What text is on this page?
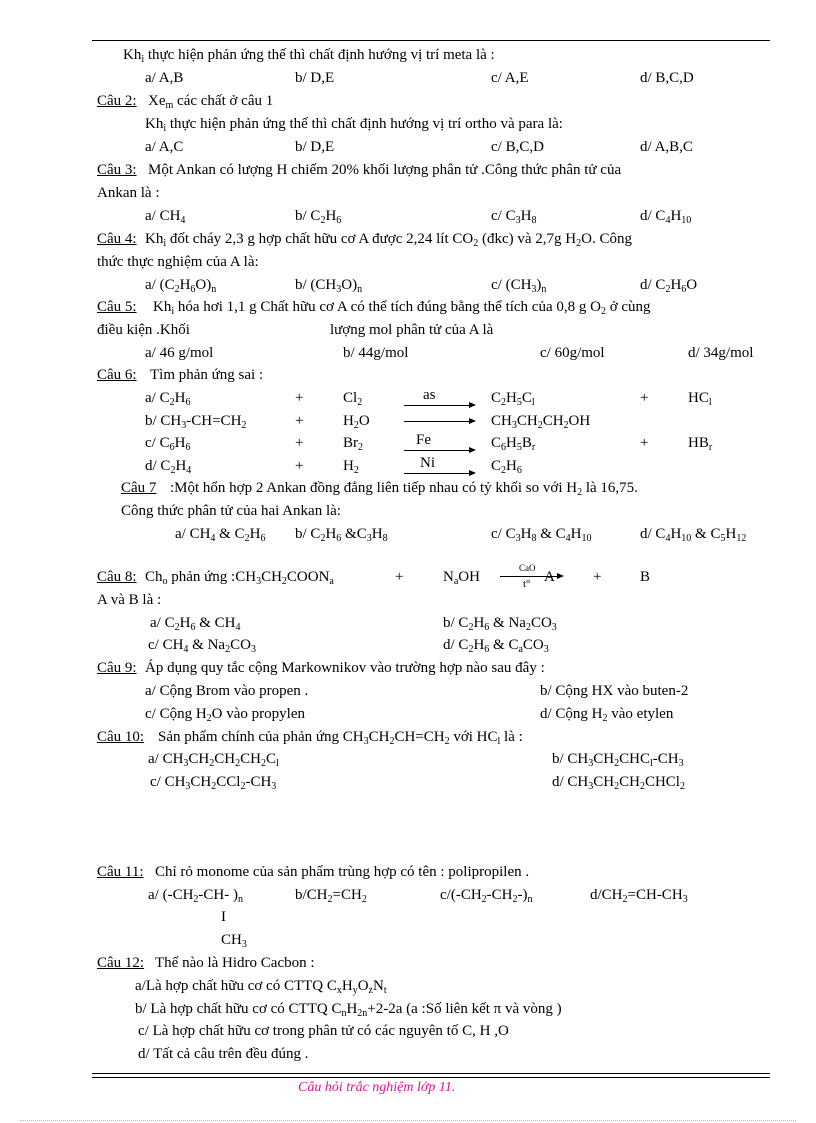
$Kh_i$ thực hiện phản ứng thế thì chất định hướng vị trí meta là :
a/ A,B	b/ D,E	c/ A,E	d/ B,C,D
Câu 2: $Xe_m$ các chất ở câu 1
$Kh_i$ thực hiện phản ứng thế thì chất định hướng vị trí ortho và para là:
a/ A,C	b/ D,E	c/ B,C,D	d/ A,B,C
Câu 3: Một Ankan có lượng H chiếm 20% khối lượng phân tử .Công thức phân tử của
Ankan là :
a/ $CH_4$	b/ $C_2H_6$	c/ $C_3H_8$	d/ $C_4H_{10}$
Câu 4: $Kh_i$ đốt cháy 2,3 g hợp chất hữu cơ A được 2,24 lít $CO_2$ (đkc) và 2,7g $H_2O$. Công
thức thực nghiệm của A là:
a/ $(C_2H_6O)_n$	b/ $(CH_3O)_n$	c/ $(CH_3)_n$	d/ $C_2H_6O$
Câu 5: $Kh_i$ hóa hơi 1,1 g Chất hữu cơ A có thể tích đúng bằng thể tích của 0,8 g $O_2$ ở cùng
điều kiện .Khối	lượng mol phân tử của A là
a/ 46 g/mol	b/ 44g/mol	c/ 60g/mol	d/ 34g/mol
Câu 6: Tìm phản ứng sai :
a/ $C_2H_6$	+	$Cl_2$	as	$C_2H_5C_l$	+	$HC_l$
b/ $CH_3-CH=CH_2$	+	$H_2O$	$CH_3CH_2CH_2OH$
c/ $C_6H_6$	+	$Br_2$	Fe	$C_6H_5B_r$	+	$HB_r$
d/ $C_2H_4$	+	$H_2$	Ni	$C_2H_6$
Câu 7 :Một hổn hợp 2 Ankan đồng đẳng liên tiếp nhau có tỷ khối so với $H_2$ là 16,75.
Công thức phân tử của hai Ankan là:
a/ $CH_4$ & $C_2H_6$ b/ $C_2H_6$ $\&C_3H_8$	c/ $C_3H_8$ & $C_4H_{10}$	d/ $C_4H_{10}$ & $C_5H_{12}$
Câu 8: $Ch_o$ phản ứng $:CH_3CH_2COON_a$	+	$N_aOH$
CaO
t° A	+	B
A và B là :
a/ $C_2H_6$ & $CH_4$	b/ $C_2H_6$ & $Na_2CO_3$
c/ $CH_4$ & $Na_2CO_3$	d/ $C_2H_6$ & $C_aCO_3$
Câu 9: Áp dụng quy tắc cộng Markownikov vào trường hợp nào sau đây :
a/ Cộng Brom vào propen .	b/ Cộng HX vào buten-2
c/ Cộng $H_2O$ vào propylen	d/ Cộng $H_2$ vào etylen
Câu 10: Sản phẩm chính của phản ứng $CH_3CH_2CH=CH_2$ với $HC_l$ là :
a/ $CH_3CH_2CH_2CH_2C_l$	b/ $CH_3CH_2CHC_l-CH_3$
c/ $CH_3CH_2CCl_2-CH_3$	d/ $CH_3CH_2CH_2CHCl_2$
Câu 11: Chỉ rỏ monome của sản phẩm trùng hợp có tên : polipropilen .
a/ ($-CH_2-CH-$ )$_n$	$b/CH_2=CH_2$	$c/(-CH_2-CH_2-)_n$	$d/CH_2=CH-CH_3$
I
$CH_3$
Câu 12: Thế nào là Hidro Cacbon :
a/Là hợp chất hữu cơ có CTTQ $C_xH_yO_zN_t$
b/ Là hợp chất hữu cơ có CTTQ $C_nH_{2n}+2-2a$ (a :Số liên kết π và vòng )
c/ Là hợp chất hữu cơ trong phân tử có các nguyên tố C, H ,O
d/ Tất cả câu trên đều đúng .
Câu hỏi trắc nghiệm lớp 11.
